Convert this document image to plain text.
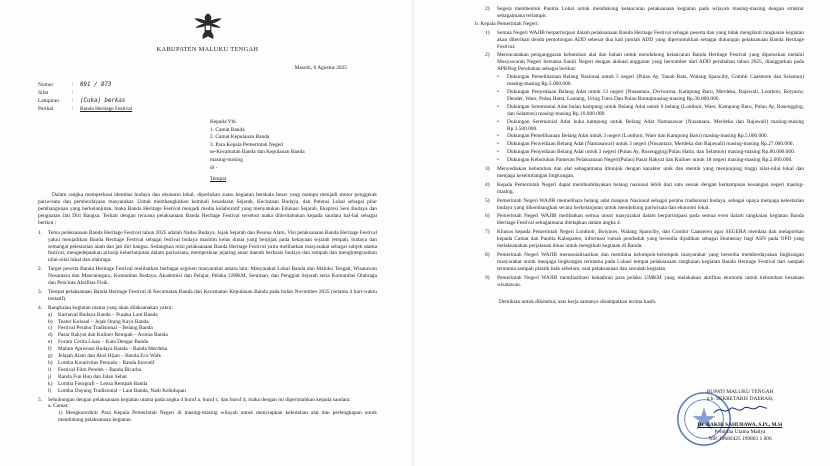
KABUPATEN MALUKU TENGAH
Masohi, 6 Agustus 2025
Nomor	:	091 / 873
Sifat	:
Lampiran	:	(Cuka) berkas
Perihal	:	Banda Heritage Festival
Kepada Yth.
1. Camat Banda
2. Camat Kepulauan Banda
3. Para Kepala Pemerintah Negeri
se-Kecamatan Banda dan Kepulauan Banda
masing-masing
di -
Tempat

Dalam rangka memperkuat identitas budaya dan ekonomi lokal, diperlukan suatu kegiatan berskala besar yang mampu menjadi motor penggerak pariwisata dan pemberdayaan masyarakat. Untuk membangkitkan kembali kesadaran Sejarah, Kecintaan Budaya, dan Potensi Lokal sebagai pilar pembangunan yang berkelanjutan, maka Banda Heritage Festival menjadi media kolaboratif yang menyatukan Edukasi Sejarah, Ekspresi Seni Budaya dan penguatan Jati Diri Bangsa. Terkait dengan rencana pelaksanaan Banda Heritage Festival tersebut maka diberitahukan kepada saudara hal-hal sebagai berikut :

1.	Tema pelaksanaan Banda Heritage Festival tahun 2025 adalah Nadas Budaya, Jejak Sejarah dan Pesona Alam, Visi pelaksanaan Banda Heritage Festival yakni menjadikan Banda Heritage Festival sebagai festival budaya maritim kelas dunia yang berpijak pada kekayaan sejarah rempah, budaya dan semangat pelestarian alam dan jati diri bangsa. Sedangkan misi pelaksanaan Banda Heritage Festival yaitu melibatkan masyarakat sebagai subjek utama festival, mengedepankan prinsip keberlanjutan dalam pariwisata, memperkuat jejaring antar daerah berbasis budaya dan rempah dan mengintegrasikan nilai-nilai lokal dan olahraga.
2.	Target peserta Banda Heritage Festival melibatkan berbagai segmen masyarakat antara lain: Masyarakat Lokal Banda dan Maluku Tengah, Wisatawan Nusantara dan Mancanegara, Komunitas Budaya, Akademisi dan Pelajar, Pelaku UMKM, Seniman, dan Penggiat Sejarah serta Komunitas Olahraga dan Pencinta Aktifitas Fisik.
3.	Tempat pelaksanaan Banda Heritage Festival di Kecamatan Banda dan Kecamatan Kepulauan Banda pada bulan November 2025 (selama 4 hari-waktu tentatif).
4.	Rangkaian kegiatan utama yang akan dilaksanakan yakni:
a)	Karnaval Budaya Banda – Pusaka Laut Banda
b)	Teater Kolosal – Jejak Orang Kaya Banda
c)	Festival Perahu Tradisional – Belang Banda
d)	Pasar Rakyat dan Kuliner Rempah – Aroma Banda
e)	Forum Cerita Lisan – Kata Dengar Banda
f)	Malam Apresiasi Budaya Banda – Banda Merdeka
g)	Jelajah Alam dan Aksi Hijau – Banda Eco Walk
h)	Lomba Kreativitas Pemuda – Banda Inovatif
i)	Festival Film Pendek – Banda Bicarba
j)	Banda Fun Run dan Jalan Sehat
k)	Lomba Fotografi – Lensa Rempah Banda
l)	Lomba Dayung Tradisional – Laut Banda, Nadi Kehidupan
5.	Sehubungan dengan pelaksanaan kegiatan utama pada angka 4 huruf a, huruf c, dan huruf d, maka dengan ini diperintahkan kepada saudara:
a. Camat:
1) Mengkoordinir Para Kepala Pemerintah Negeri di masing-masing wilayah untuk menyiapkan kebutuhan alat dan perlengkapan untuk mendukung pelaksanaan kegiatan.
2)	Segera membentuk Panitia Lokal untuk mendukung kelancaran pelaksanaan kegiatan pada wilayah masing-masing dengan struktur sebagaimana terlampir.
b. Kepala Pemerintah Negeri:
1)	Semua Negeri WAJIB berpartisipasi dalam pelaksanaan Banda Heritage Festival sebagai peserta dan yang tidak mengikuti rangkaian kegiatan akan diberikan denda pemotongan ADD sebesar dua kali jumlah ADD yang diperuntukkan sebagai dukungan pelaksanaan Banda Heritage Festival.
2)	Merencanakan penganggaran kebutuhan alat dan bahan untuk mendukung kelancaran Banda Heritage Festival yang diputuskan melalui Musyawarah Negeri bersama Saniri Negeri dengan alokasi anggaran yang bersumber dari ADD perubahan tahun 2025, dianggarkan pada APBNeg Perubahan sebagai berikut:
•	Dukungan Pemeliharaan Belang Nasional untuk 5 negeri (Pulau Ay, Tanah Rata, Walang Spanciby, Combir Caasteren dan Selamon) masing-masing Rp.5.000.000.
•	Dukungan Penyediaan Belang Adat untuk 13 negeri (Nusantara, Dwiwarna, Kampung Baru, Merdeka, Rajawali, Lonthoir, Boiyauw, Dender, Waer, Pulau Hatta, Lautang, Uring Tutra Dan Pulau Runtajmasing-masing Rp.30.000.000.
•	Dukungan Seremonial Adat bulan kampung untuk Belang Adat untuk 6 belang (Lonthoir, Waer, Kampung Baru, Pulau Ay, Rosengging, dan Selamon) masing-masing Rp.10.000.000.
•	Dukungan Seremonial Adat buka kampung untuk Belang Adat Namasawar (Nusantara, Merdeka dan Rajawali) masing-masing Rp.3.500.000.
•	Dukungan Pemeliharaan Belang Adat untuk 3 negeri (Lonthoir, Waer dan Kampung Baru) masing-masing Rp.5.000.000.
•	Dukungan Penyediaan Belang Adat (Namasawar) untuk 3 negeri (Nusantara, Merdeka dan Rajawali) masing-masing Rp.27.000.000.
•	Dukungan Penyediaan Belang Adat untuk 3 negeri (Pulau Ay, Rosengging/Pulau Hatta, dan Selamon) masing-masing Rp.80.000.000.
•	Dukungan Kebutuhan Pameran Pelaksanaan Negeri(Pulau) Pasar Rakyat dan Kuliner untuk 18 negeri masing-masing Rp.2.000.000.
3)	Menyediakan kebutuhan dan alat sebagaimana ditunjuk dengan karakter unik dan otentik yang menjunjung tinggi nilai-nilai lokal dan menjaga keseimbangan lingkungan.
4)	Kepala Pemerintah Negeri dapat membudidayakan belang nasional lebih dari satu sesuai dengan kemampuan keuangan negeri masing-masing.
5)	Pemerintah Negeri WAJIB memelihara belang adat maupun Nasional sebagai perahu tradisional budaya, sebagai upaya menjaga kelestarian budaya yang dikembangkan secara berkelanjutan untuk mendukung pariwisata dan ekonomi lokal.
6)	Pemerintah Negeri WAJIB melibatkan semua unsur masyarakat dalam berpartisipasi pada semua even dalam rangkaian kegiatan Banda Heritage Festival sebagaimana ditetapkan dalam angka 4.
7)	Khusus kepada Pemerintah Negeri Lonthoir, Boiyauw, Walang Spanciby, dan Combir Caasteren agar SEGERA mendata dan melaporkan kepada Camat dan Panitia Kabupaten, informasi rumah penduduk yang bersedia dijadikan sebagai Homestay bagi ASN pada OPD yang melaksanakan perjalanan dinas untuk mengikuti kegiatan di Banda.
8)	Pemerintah Negeri WAJIB mensosialisasikan dan membina kelompok-kelompok masyarakat yang bersedia memberdayakan lingkungan masyarakat untuk menjaga lingkungan terutama pada Lokasi tempat pelaksanaan rangkaian kegiatan Banda Heritage Festival dari sampah terutama sampah plastik baik sebelum, saat pelaksanaan dan sesudah kegiatan.
9)	Pemerintah Negeri WAJIB memfasilitasi kehadiran para pelaku UMKM yang melakukan aktifitas ekonomi untuk kebutuhan kesatuan wisatawan.
Demikian untuk diketahui, atas kerja samanya disampaikan terima kasih.
BUPATI MALUKU TENGAH
u.b. SEKRETARIS DAERAH,
Dr. RAKIB SAHUBAWA, S.Pi., M.Si
Pembina Utama Madya
NIP. 19680425 199803 1 006
